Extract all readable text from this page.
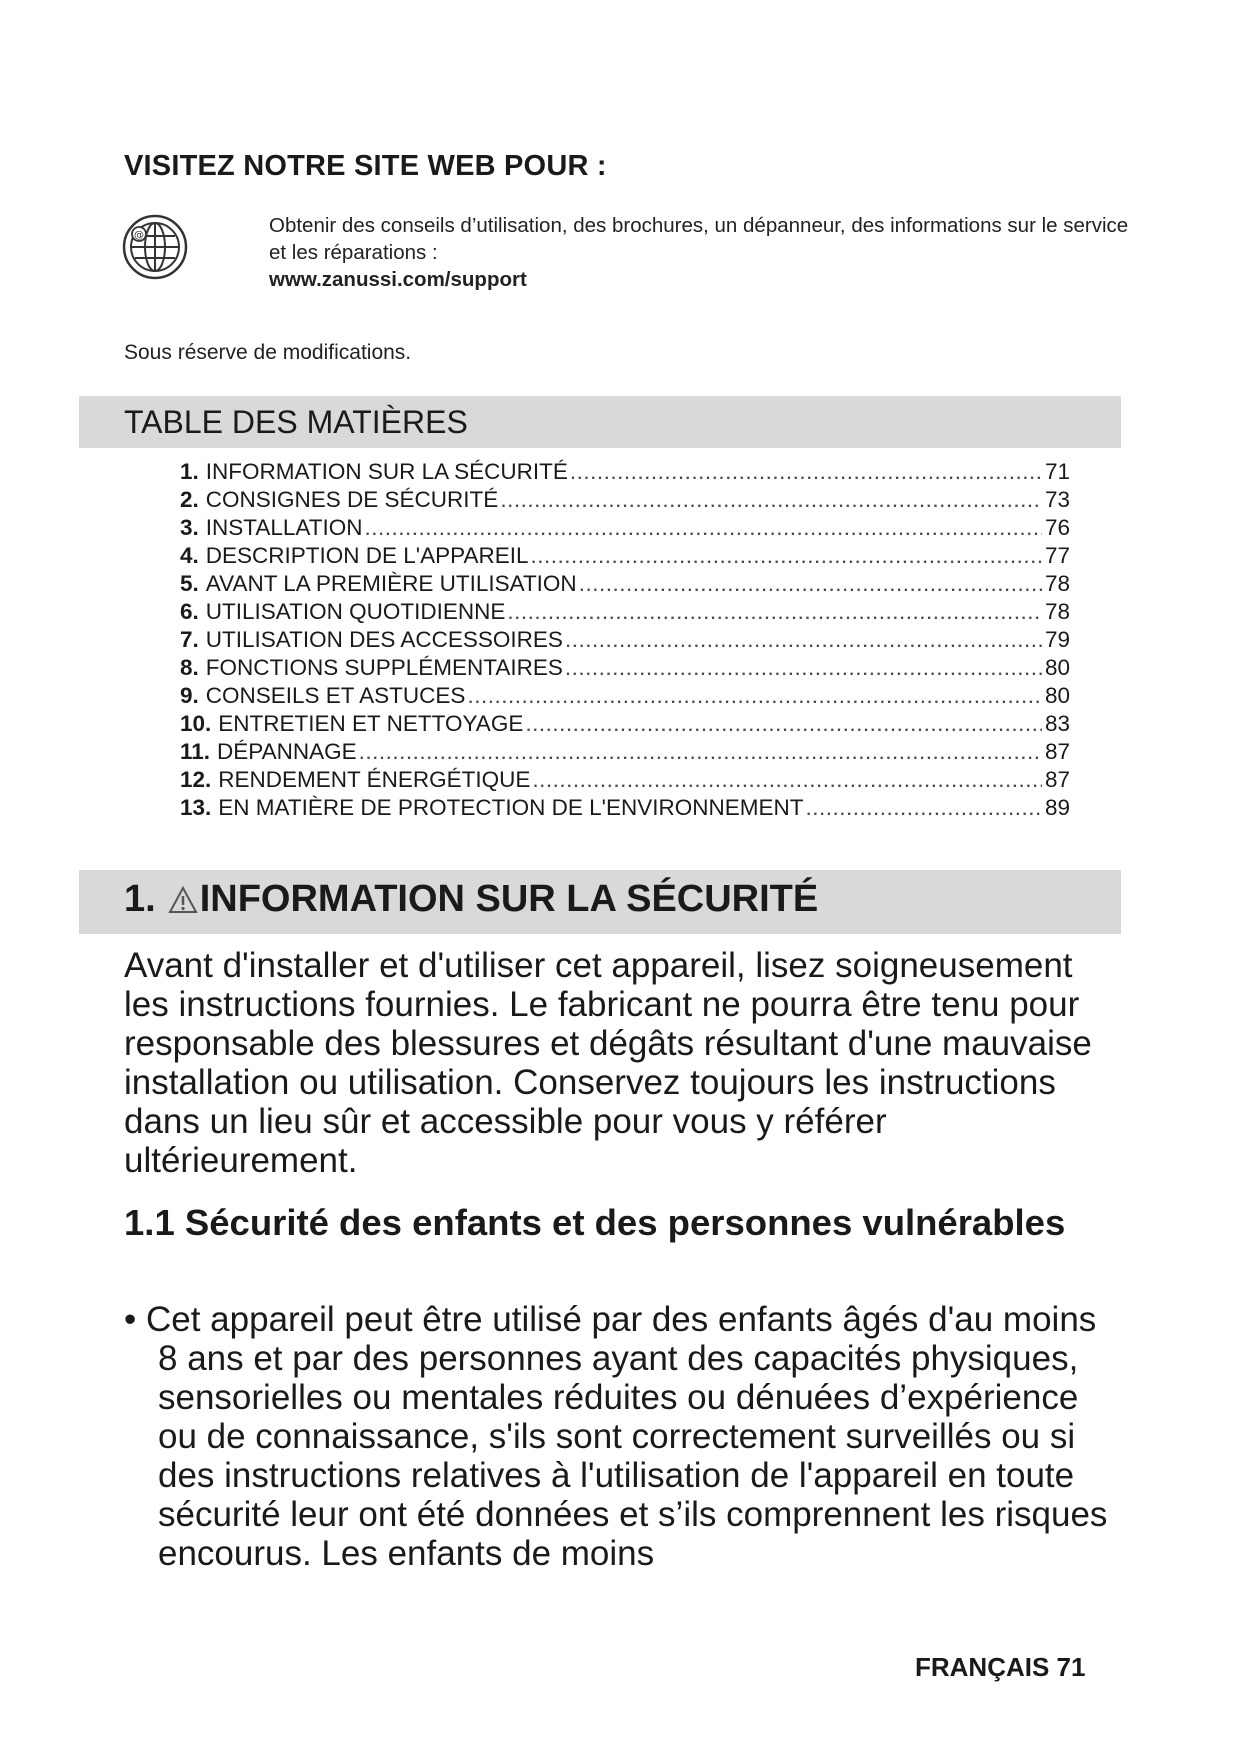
VISITEZ NOTRE SITE WEB POUR :
@	Obtenir des conseils d’utilisation, des brochures, un dépanneur, des informations sur le service et les réparations :
www.zanussi.com/support
Sous réserve de modifications.
TABLE DES MATIÈRES
1. INFORMATION SUR LA SÉCURITÉ .....	71
2. CONSIGNES DE SÉCURITÉ .....	73
3. INSTALLATION .....	76
4. DESCRIPTION DE L'APPAREIL .....	77
5. AVANT LA PREMIÈRE UTILISATION .....	78
6. UTILISATION QUOTIDIENNE .....	78
7. UTILISATION DES ACCESSOIRES .....	79
8. FONCTIONS SUPPLÉMENTAIRES .....	80
9. CONSEILS ET ASTUCES .....	80
10. ENTRETIEN ET NETTOYAGE .....	83
11. DÉPANNAGE .....	87
12. RENDEMENT ÉNERGÉTIQUE .....	87
13. EN MATIÈRE DE PROTECTION DE L'ENVIRONNEMENT .....	89
1. INFORMATION SUR LA SÉCURITÉ
Avant d'installer et d'utiliser cet appareil, lisez soigneusement les instructions fournies. Le fabricant ne pourra être tenu pour responsable des blessures et dégâts résultant d'une mauvaise installation ou utilisation. Conservez toujours les instructions dans un lieu sûr et accessible pour vous y référer ultérieurement.
1.1 Sécurité des enfants et des personnes vulnérables
• Cet appareil peut être utilisé par des enfants âgés d'au moins 8 ans et par des personnes ayant des capacités physiques, sensorielles ou mentales réduites ou dénuées d’expérience ou de connaissance, s'ils sont correctement surveillés ou si des instructions relatives à l'utilisation de l'appareil en toute sécurité leur ont été données et s’ils comprennent les risques encourus. Les enfants de moins
FRANÇAIS 71
